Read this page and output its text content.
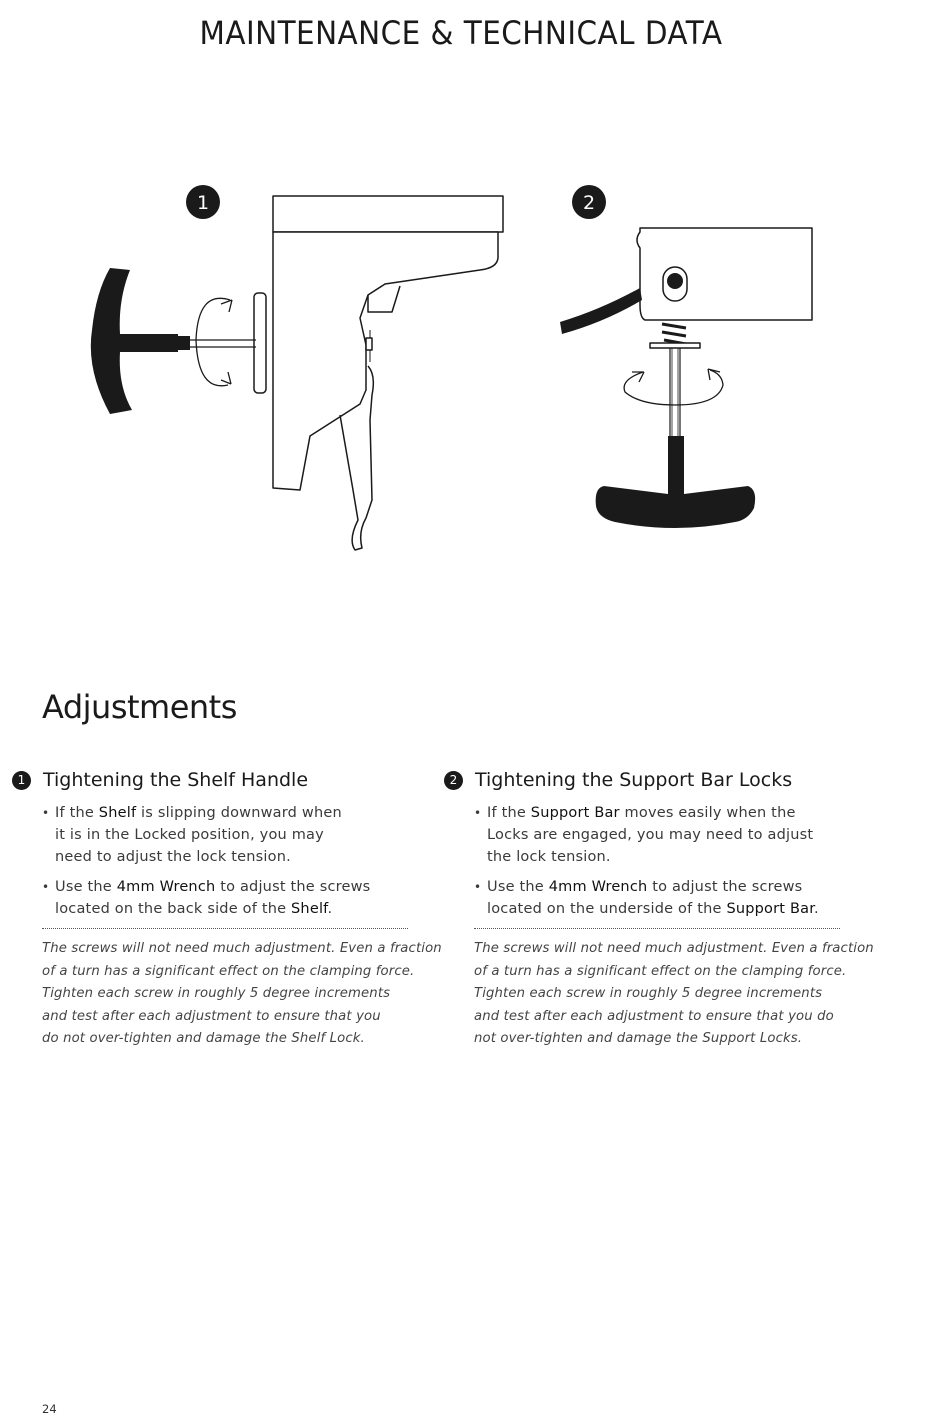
MAINTENANCE & TECHNICAL DATA
1	2
Adjustments
1 Tightening the Shelf Handle
• If the Shelf is slipping downward when
it is in the Locked position, you may
need to adjust the lock tension.
• Use the 4mm Wrench to adjust the screws
located on the back side of the Shelf.
The screws will not need much adjustment. Even a fraction
of a turn has a significant effect on the clamping force.
Tighten each screw in roughly 5 degree increments
and test after each adjustment to ensure that you
do not over-tighten and damage the Shelf Lock.
2 Tightening the Support Bar Locks
• If the Support Bar moves easily when the
Locks are engaged, you may need to adjust
the lock tension.
• Use the 4mm Wrench to adjust the screws
located on the underside of the Support Bar.
The screws will not need much adjustment. Even a fraction
of a turn has a significant effect on the clamping force.
Tighten each screw in roughly 5 degree increments
and test after each adjustment to ensure that you do
not over-tighten and damage the Support Locks.
24
